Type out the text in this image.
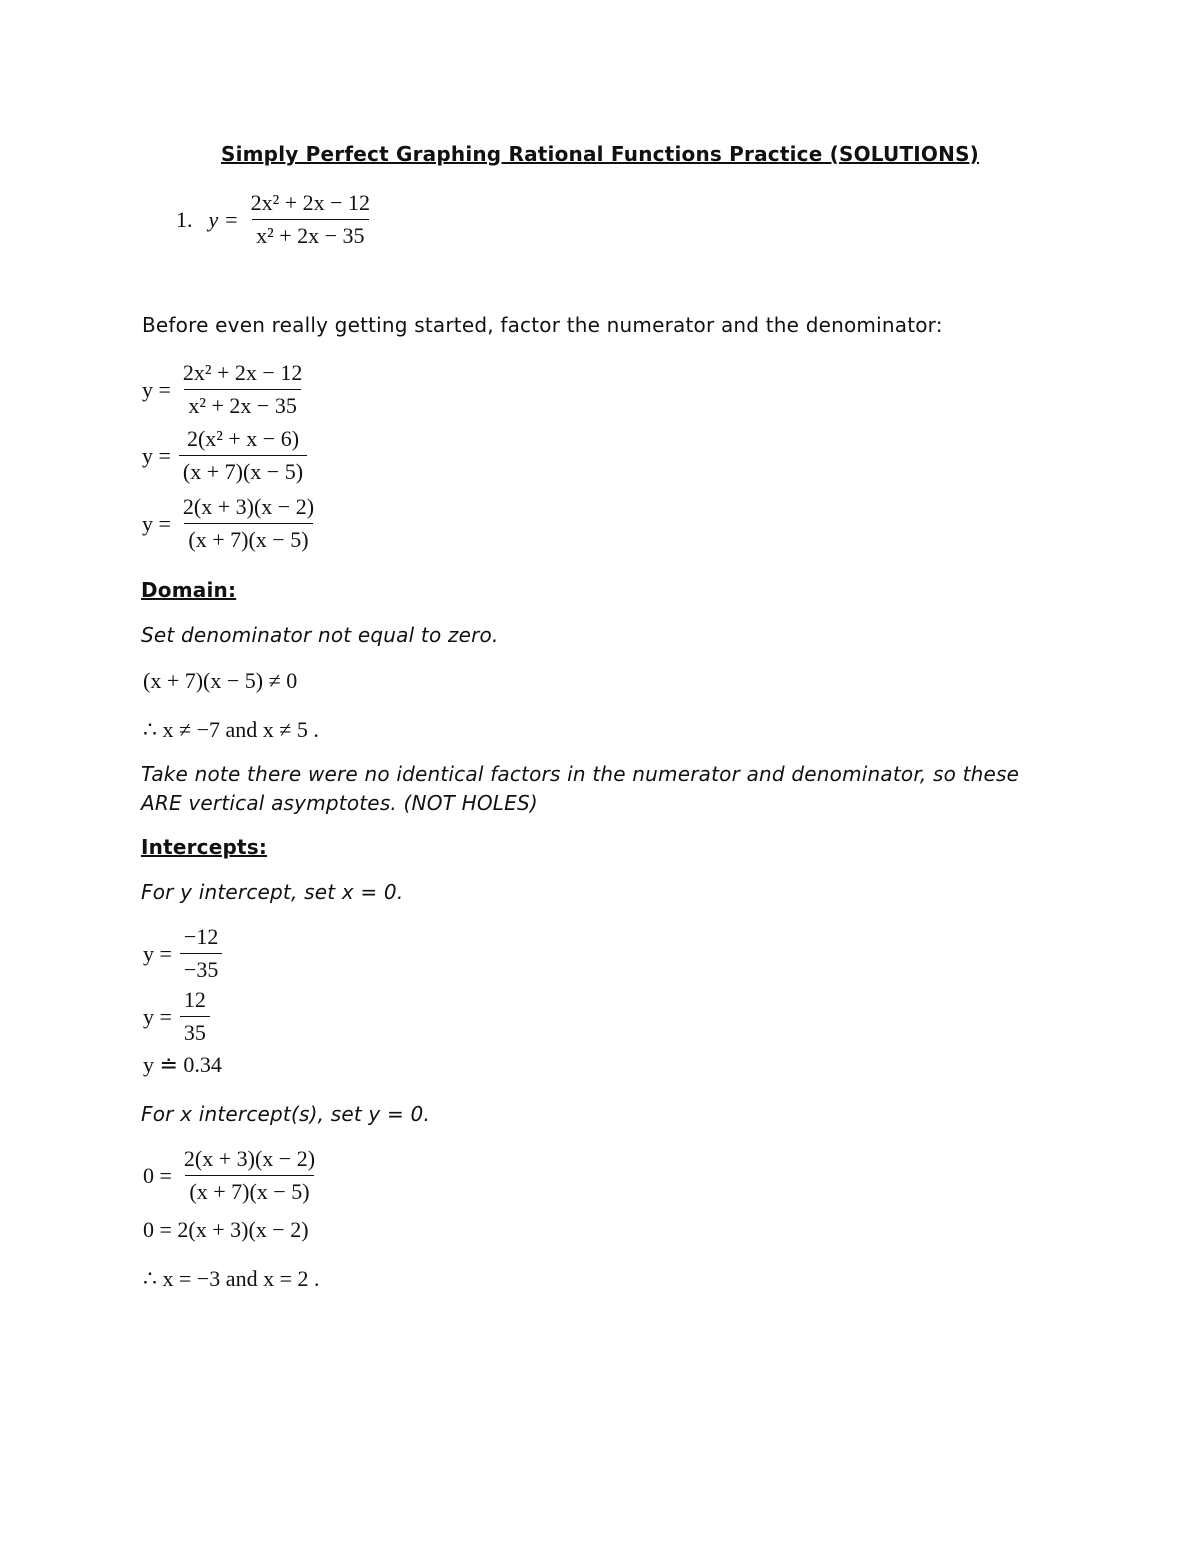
Simply Perfect Graphing Rational Functions Practice (SOLUTIONS)
1. $y = \frac{\text{2x² + 2x − 12}}{\text{x² + 2x − 35}}$
Before even really getting started, factor the numerator and the denominator:
$y = \frac{\text{2x² + 2x − 12}}{\text{x² + 2x − 35}}$
$y = \frac{\text{2(x² + x − 6)}}{(x + 7)(x - 5)}$
$y = \frac{2(x + 3)(x - 2)}{(x + 7)(x - 5)}$
Domain:
Set denominator not equal to zero.
(x + 7)(x − 5) ≠ 0
∴ x ≠ −7 and x ≠ 5 .
Take note there were no identical factors in the numerator and denominator, so these
ARE vertical asymptotes. (NOT HOLES)
Intercepts:
For y intercept, set x = 0.
$y = \frac{-12}{-35}$
$y = \frac{12}{35}$
y ≐ 0.34
For x intercept(s), set y = 0.
$0 = \frac{2(x + 3)(x - 2)}{(x + 7)(x - 5)}$
0 = 2(x + 3)(x − 2)
∴ x = −3 and x = 2 .
